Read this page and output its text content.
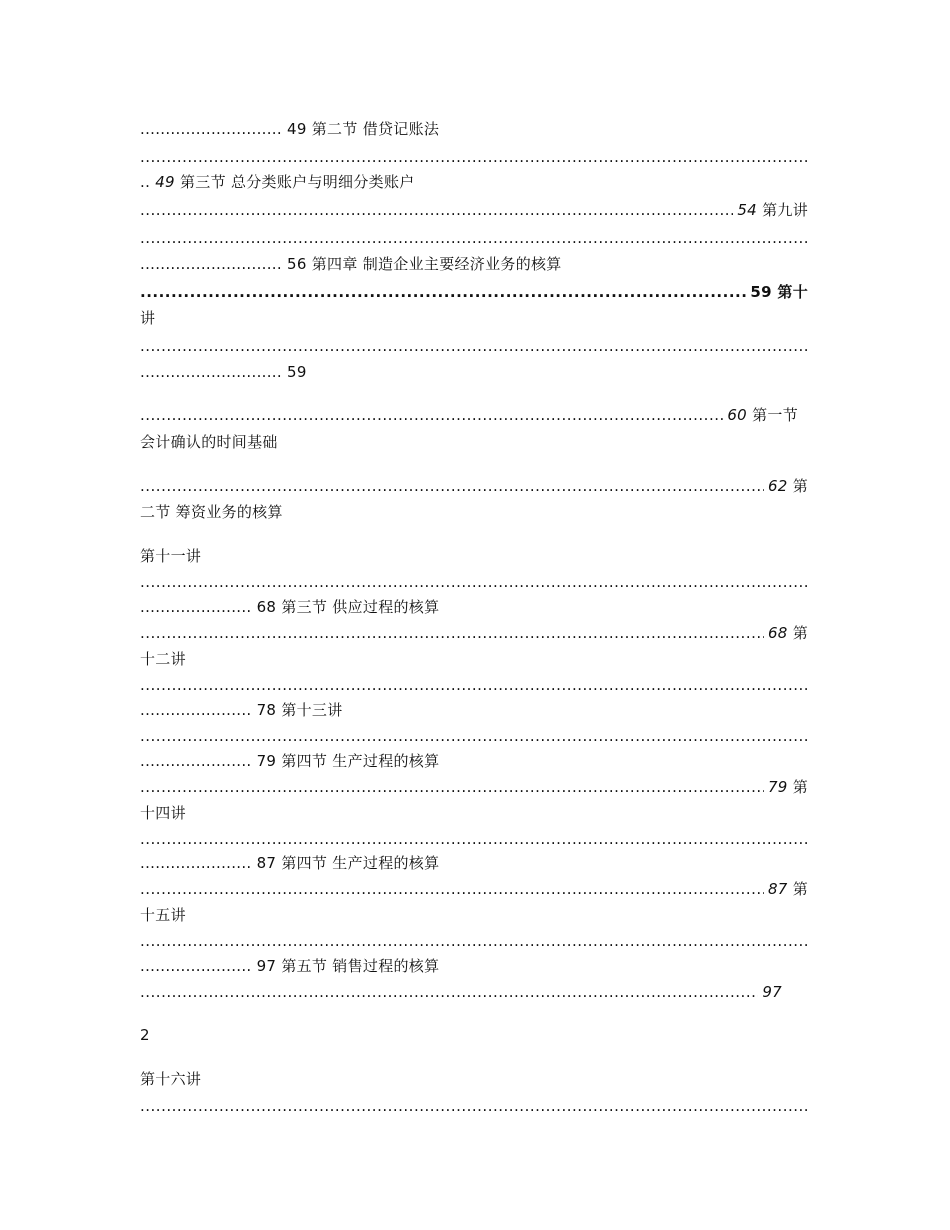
............................ 49 第二节 借贷记账法
.....
.. 49 第三节 总分类账户与明细分类账户
.....
54 第九讲
.....
............................ 56 第四章 制造企业主要经济业务的核算
.....
59 第十
讲
.....
............................ 59
.....
60 第一节
会计确认的时间基础
.....
62 第
二节 筹资业务的核算
第十一讲
.....
...................... 68 第三节 供应过程的核算
.....
68 第
十二讲
.....
...................... 78 第十三讲
.....
...................... 79 第四节 生产过程的核算
.....
79 第
十四讲
.....
...................... 87 第四节 生产过程的核算
.....
87 第
十五讲
.....
...................... 97 第五节 销售过程的核算
.....
97
2
第十六讲
.....
